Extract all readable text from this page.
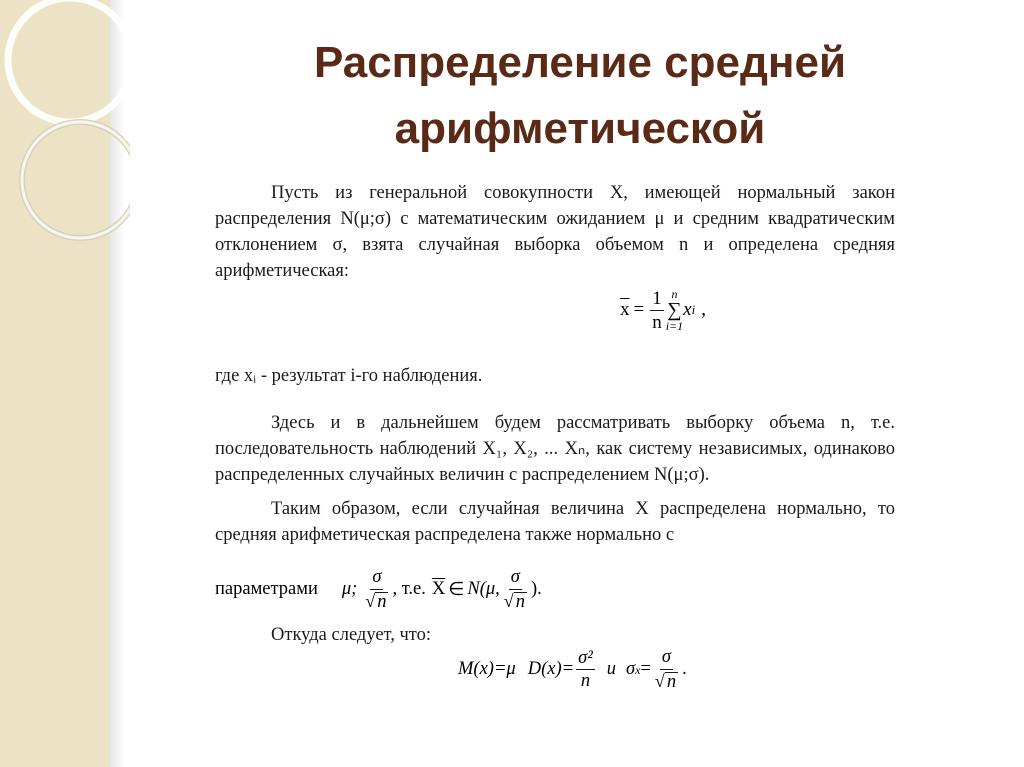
Распределение средней
арифметической

Пусть из генеральной совокупности X, имеющей нормальный закон распределения N(μ;σ) с математическим ожиданием μ и средним квадратическим отклонением σ, взята случайная выборка объемом n и определена средняя арифметическая:

$\overline{x} = \frac{1}{n}$ n
∑
i=1
x i ,

где xᵢ - результат i-го наблюдения.

Здесь и в дальнейшем будем рассматривать выборку объема n, т.е. последовательность наблюдений X₁, X₂, ... Xₙ, как систему независимых, одинаково распределенных случайных величин с распределением N(μ;σ).

Таким образом, если случайная величина X распределена нормально, то средняя арифметическая распределена также нормально с

параметрами μ; $\frac{\sigma}{√ n}$ , т.е. $\overline{X}$ ∈ N(μ, $\frac{\sigma}{√ n}$ ).

Откуда следует, что:

M(x)=μ $D(x)= \frac{\text{σ²}}{n}$ и σ $x = \frac{\sigma}{√ n}$ .
